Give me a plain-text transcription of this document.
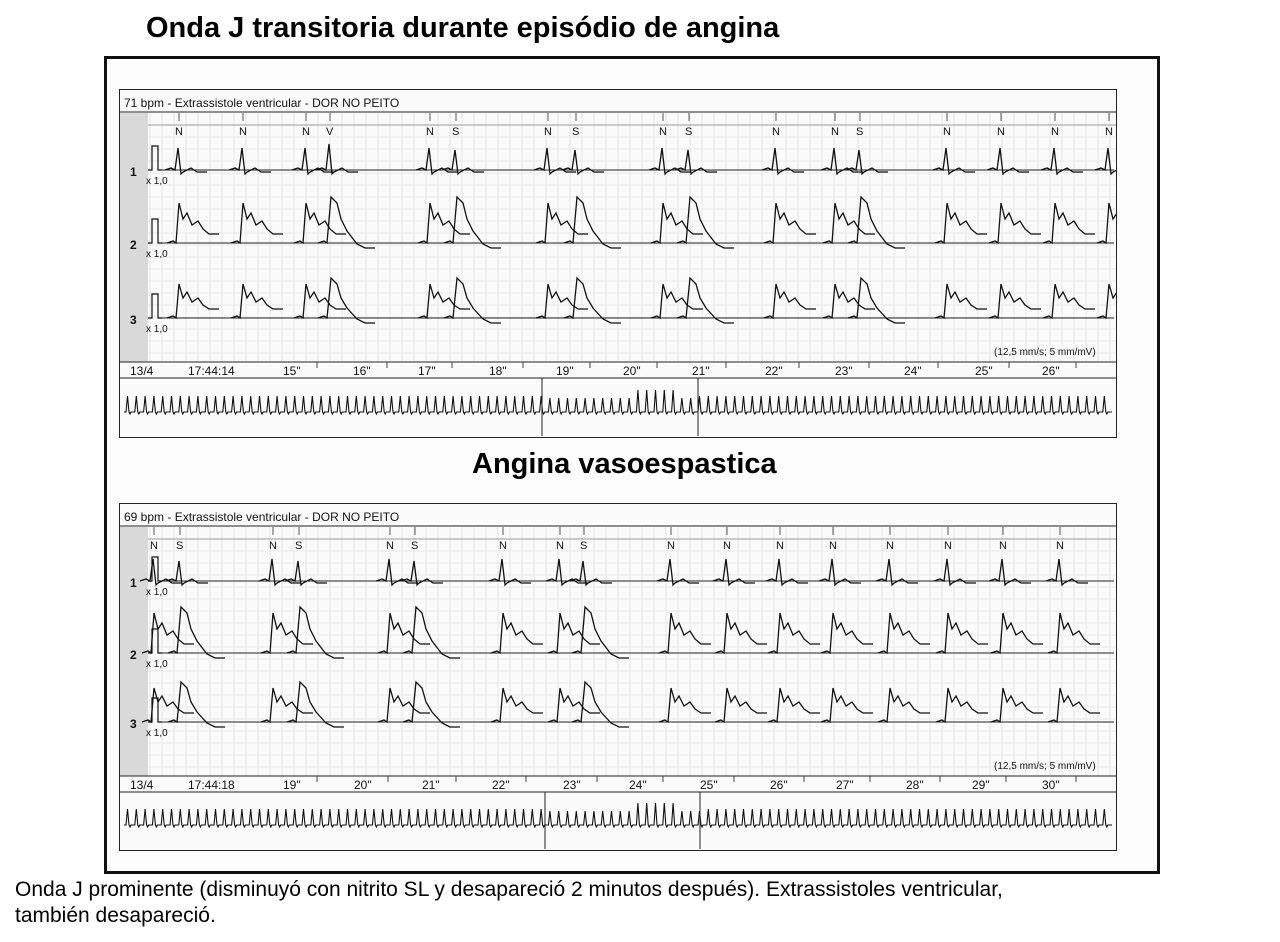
Onda J transitoria durante episódio de angina
71 bpm - Extrassistole ventricular - DOR NO PEITO
N	N	N V	N S	N S	N S	N	N S	N	N	N	N
1
x 1,0
2
x 1,0
3
x 1,0
(12,5 mm/s; 5 mm/mV)
13/4	17:44:14	15"	16"	17"	18"	19"	20"	21"	22"	23"	24"	25"	26"
Angina vasoespastica
69 bpm - Extrassistole ventricular - DOR NO PEITO
N S	N S	N S	N	N S	N	N	N	N	N	N	N	N
1
x 1,0
2
x 1,0
3
x 1,0
(12,5 mm/s; 5 mm/mV)
13/4	17:44:18	19"	20"	21"	22"	23"	24"	25"	26"	27"	28"	29"	30"
Onda J prominente (disminuyó con nitrito SL y desapareció 2 minutos después). Extrassistoles ventricular,
también desapareció.
